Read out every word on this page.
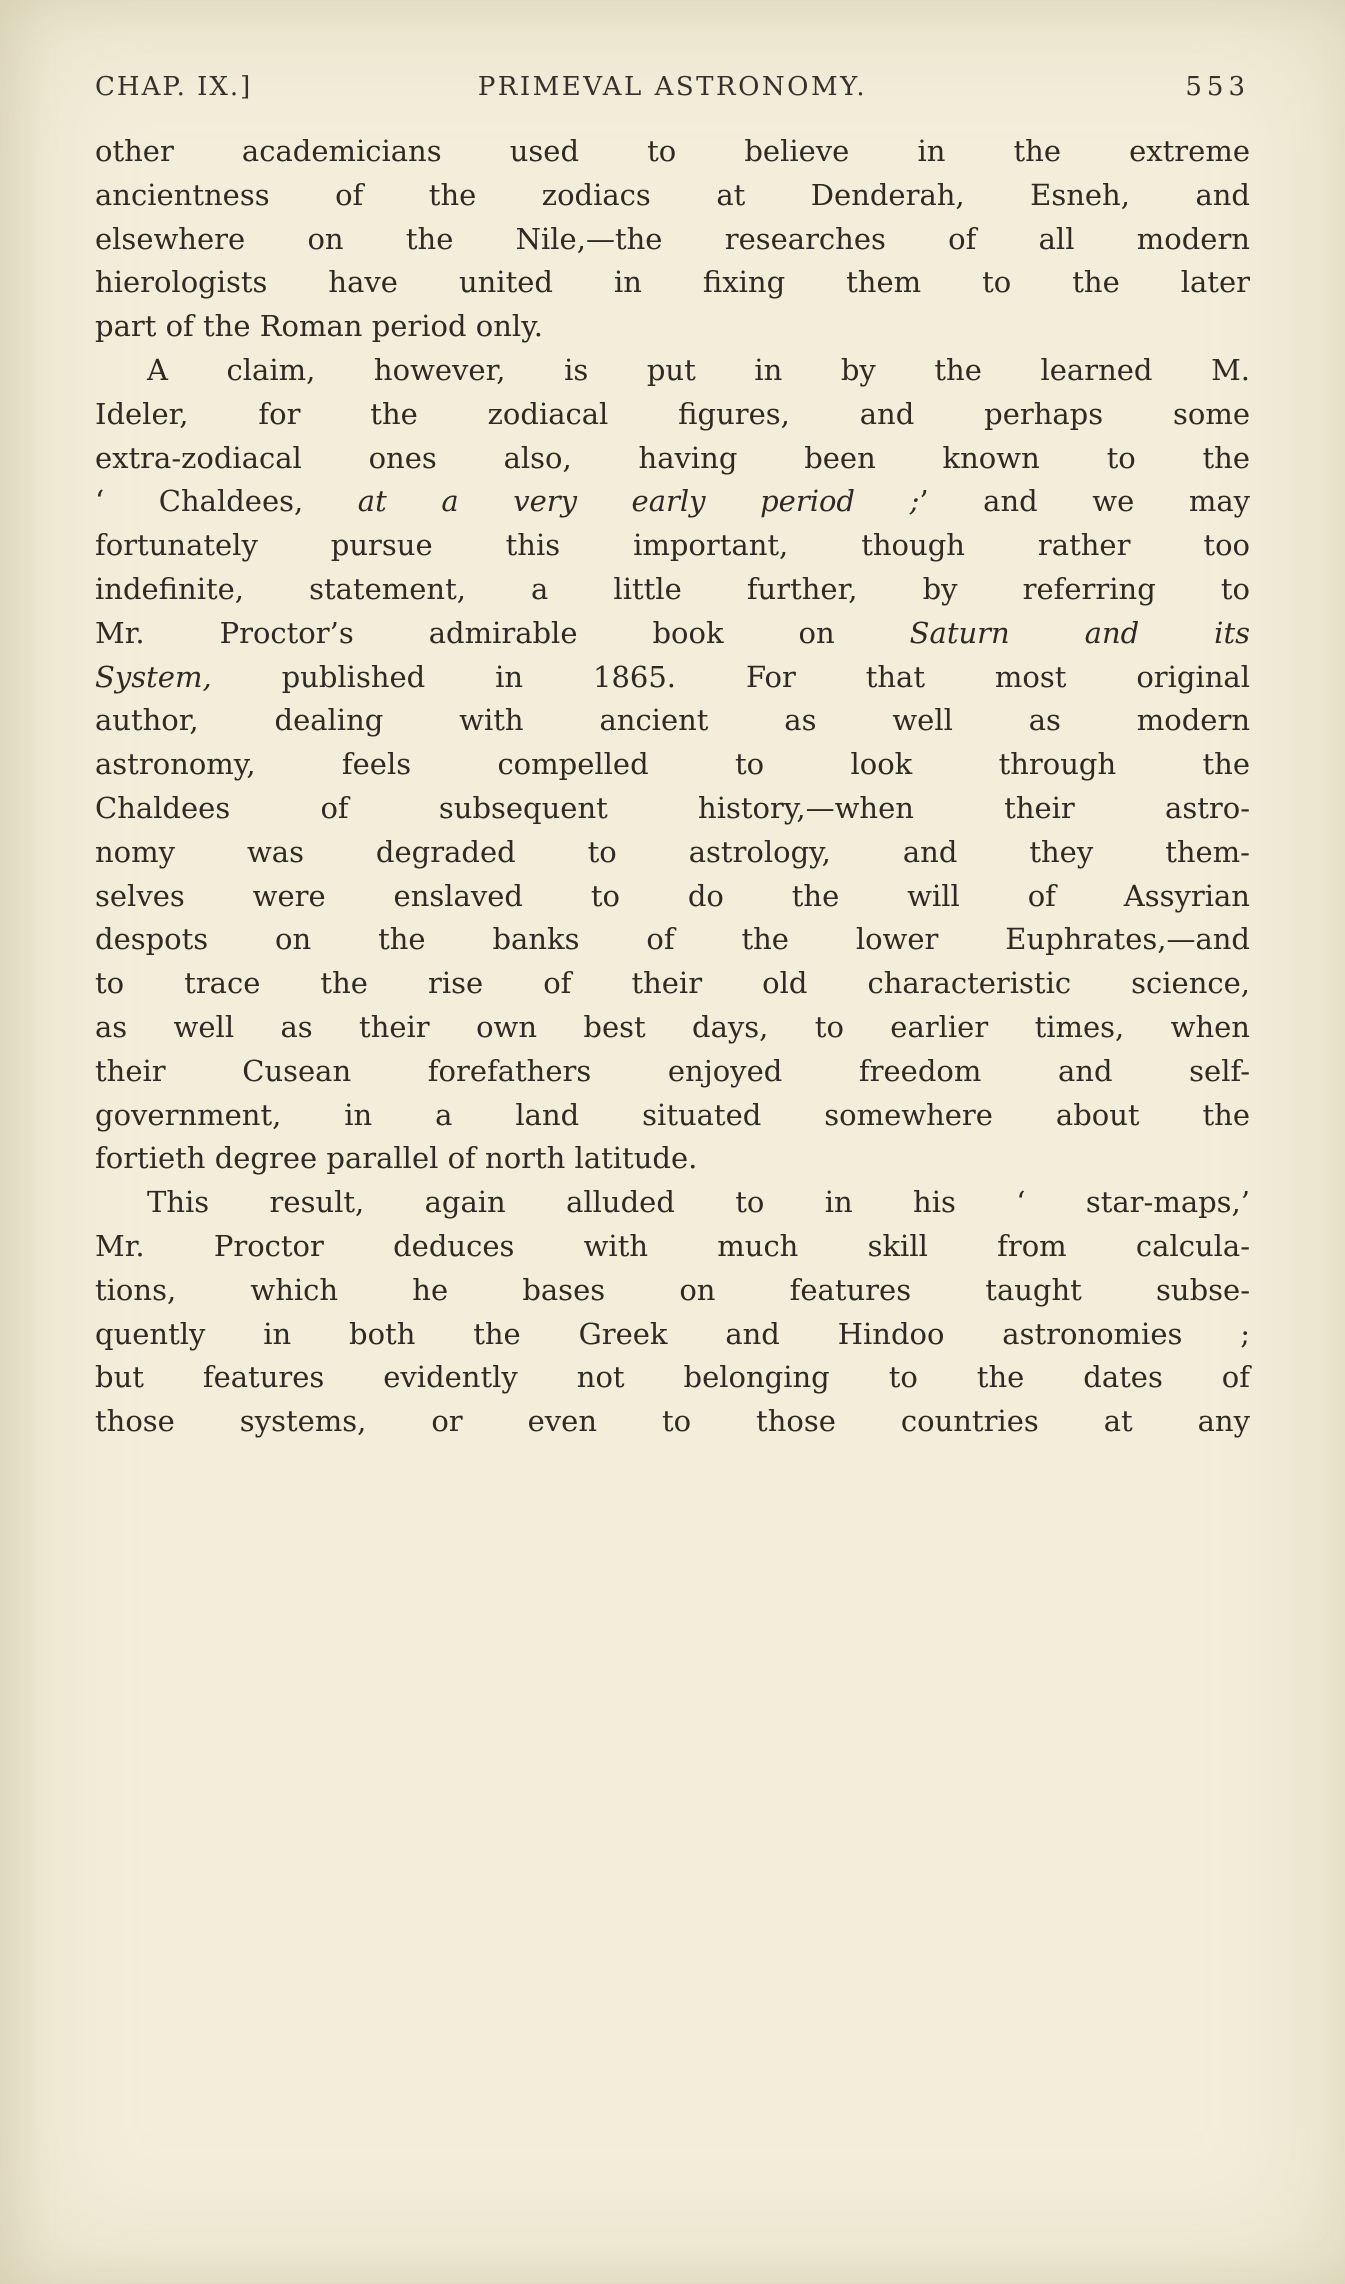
CHAP. IX.]	PRIMEVAL ASTRONOMY.	553
other academicians used to believe in the extreme
ancientness of the zodiacs at Denderah, Esneh, and
elsewhere on the Nile,—the researches of all modern
hierologists have united in fixing them to the later
part of the Roman period only.
A claim, however, is put in by the learned M.
Ideler, for the zodiacal figures, and perhaps some
extra-zodiacal ones also, having been known to the
‘ Chaldees, at a very early period ;’ and we may
fortunately pursue this important, though rather too
indefinite, statement, a little further, by referring to
Mr. Proctor’s admirable book on Saturn and its
System, published in 1865. For that most original
author, dealing with ancient as well as modern
astronomy, feels compelled to look through the
Chaldees of subsequent history,—when their astro-
nomy was degraded to astrology, and they them-
selves were enslaved to do the will of Assyrian
despots on the banks of the lower Euphrates,—and
to trace the rise of their old characteristic science,
as well as their own best days, to earlier times, when
their Cusean forefathers enjoyed freedom and self-
government, in a land situated somewhere about the
fortieth degree parallel of north latitude.
This result, again alluded to in his ‘ star-maps,’
Mr. Proctor deduces with much skill from calcula-
tions, which he bases on features taught subse-
quently in both the Greek and Hindoo astronomies ;
but features evidently not belonging to the dates of
those systems, or even to those countries at any
